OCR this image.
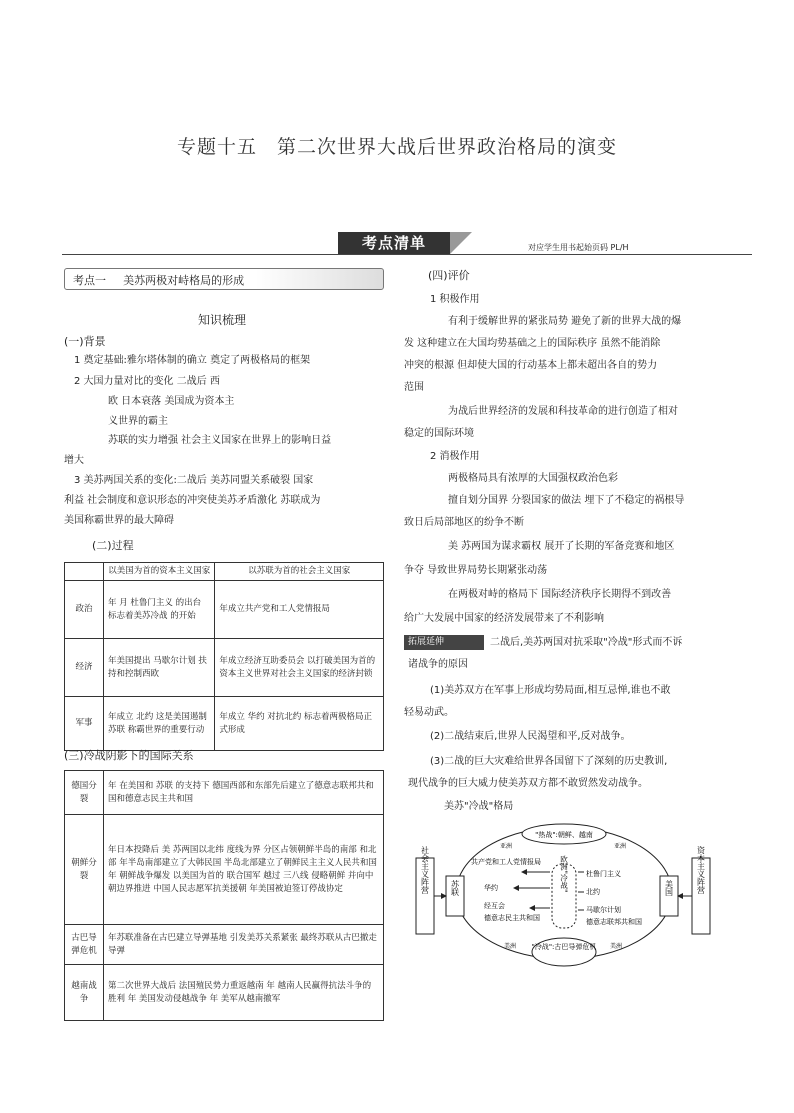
专题十五　第二次世界大战后世界政治格局的演变
考点清单	对应学生用书起始页码 PL/H
考点一 美苏两极对峙格局的形成
知识梳理
(一)背景
1 奠定基础:雅尔塔体制的确立 奠定了两极格局的框架
2 大国力量对比的变化 二战后 西
欧 日本衰落 美国成为资本主
义世界的霸主
苏联的实力增强 社会主义国家在世界上的影响日益
增大
3 美苏两国关系的变化:二战后 美苏同盟关系破裂 国家
利益 社会制度和意识形态的冲突使美苏矛盾激化 苏联成为
美国称霸世界的最大障碍
(二)过程
	以美国为首的资本主义国家	以苏联为首的社会主义国家
政治	年 月 杜鲁门主义 的出台 标志着美苏冷战 的开始	年成立共产党和工人党情报局
经济	年美国提出 马歇尔计划 扶持和控制西欧	年成立经济互助委员会 以打破美国为首的资本主义世界对社会主义国家的经济封锁
军事	年成立 北约 这是美国遏制苏联 称霸世界的重要行动	年成立 华约 对抗北约 标志着两极格局正式形成
(三)冷战阴影下的国际关系
德国分裂	年 在美国和 苏联 的支持下 德国西部和东部先后建立了德意志联邦共和国和德意志民主共和国
朝鲜分裂	年日本投降后 美 苏两国以北纬 度线为界 分区占领朝鲜半岛的南部 和北部 年半岛南部建立了大韩民国 半岛北部建立了朝鲜民主主义人民共和国 年 朝鲜战争爆发 以美国为首的 联合国军 越过 三八线 侵略朝鲜 并向中朝边界推进 中国人民志愿军抗美援朝 年美国被迫签订停战协定
古巴导弹危机	年苏联准备在古巴建立导弹基地 引发美苏关系紧张 最终苏联从古巴撤走导弹
越南战争	第二次世界大战后 法国殖民势力重返越南 年 越南人民赢得抗法斗争的胜利 年 美国发动侵越战争 年 美军从越南撤军
(四)评价
1 积极作用
有利于缓解世界的紧张局势 避免了新的世界大战的爆
发 这种建立在大国均势基础之上的国际秩序 虽然不能消除
冲突的根源 但却使大国的行动基本上都未超出各自的势力
范围
为战后世界经济的发展和科技革命的进行创造了相对
稳定的国际环境
2 消极作用
两极格局具有浓厚的大国强权政治色彩
擅自划分国界 分裂国家的做法 埋下了不稳定的祸根导
致日后局部地区的纷争不断
美 苏两国为谋求霸权 展开了长期的军备竞赛和地区
争夺 导致世界局势长期紧张动荡
在两极对峙的格局下 国际经济秩序长期得不到改善
给广大发展中国家的经济发展带来了不利影响
拓展延伸	二战后,美苏两国对抗采取"冷战"形式而不诉
诸战争的原因
(1)美苏双方在军事上形成均势局面,相互忌惮,谁也不敢
轻易动武。
(2)二战结束后,世界人民渴望和平,反对战争。
(3)二战的巨大灾难给世界各国留下了深刻的历史教训,
现代战争的巨大威力使美苏双方都不敢贸然发动战争。
美苏"冷战"格局
社会主义阵营	资本主义阵营
苏联	美国
"热战":朝鲜、越南
"冷战":古巴导弹危机
欧洲"冷战"
共产党和工人党情报局
华约
经互会
德意志民主共和国
杜鲁门主义
北约
马歇尔计划
德意志联邦共和国
亚洲	亚洲
美洲	美洲
